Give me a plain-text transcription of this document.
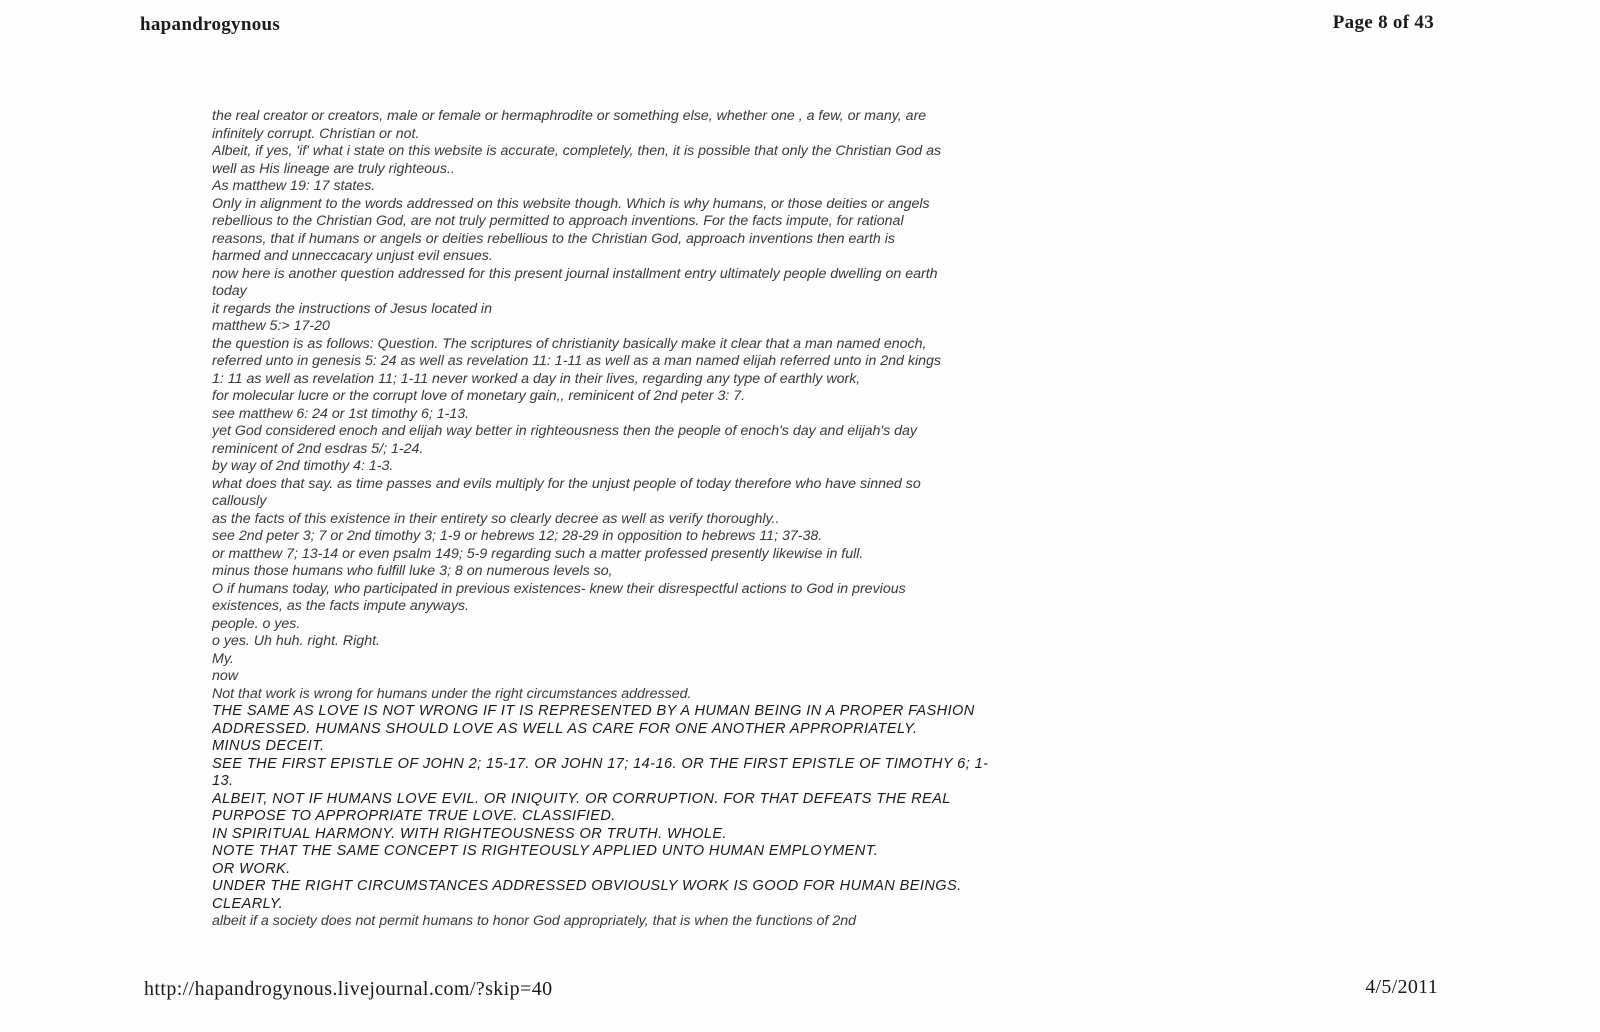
hapandrogynous	Page 8 of 43
the real creator or creators, male or female or hermaphrodite or something else, whether one , a few, or many, are
infinitely corrupt. Christian or not.
Albeit, if yes, 'if' what i state on this website is accurate, completely, then, it is possible that only the Christian God as
well as His lineage are truly righteous..
As matthew 19: 17 states.
Only in alignment to the words addressed on this website though. Which is why humans, or those deities or angels
rebellious to the Christian God, are not truly permitted to approach inventions. For the facts impute, for rational
reasons, that if humans or angels or deities rebellious to the Christian God, approach inventions then earth is
harmed and unneccacary unjust evil ensues.
now here is another question addressed for this present journal installment entry ultimately people dwelling on earth
today
it regards the instructions of Jesus located in
matthew 5:> 17-20
the question is as follows: Question. The scriptures of christianity basically make it clear that a man named enoch,
referred unto in genesis 5: 24 as well as revelation 11: 1-11 as well as a man named elijah referred unto in 2nd kings
1: 11 as well as revelation 11; 1-11 never worked a day in their lives, regarding any type of earthly work,
for molecular lucre or the corrupt love of monetary gain,, reminicent of 2nd peter 3: 7.
see matthew 6: 24 or 1st timothy 6; 1-13.
yet God considered enoch and elijah way better in righteousness then the people of enoch's day and elijah's day
reminicent of 2nd esdras 5/; 1-24.
by way of 2nd timothy 4: 1-3.
what does that say. as time passes and evils multiply for the unjust people of today therefore who have sinned so
callously
as the facts of this existence in their entirety so clearly decree as well as verify thoroughly..
see 2nd peter 3; 7 or 2nd timothy 3; 1-9 or hebrews 12; 28-29 in opposition to hebrews 11; 37-38.
or matthew 7; 13-14 or even psalm 149; 5-9 regarding such a matter professed presently likewise in full.
minus those humans who fulfill luke 3; 8 on numerous levels so,
O if humans today, who participated in previous existences- knew their disrespectful actions to God in previous
existences, as the facts impute anyways.
people. o yes.
o yes. Uh huh. right. Right.
My.
now
Not that work is wrong for humans under the right circumstances addressed.
THE SAME AS LOVE IS NOT WRONG IF IT IS REPRESENTED BY A HUMAN BEING IN A PROPER FASHION
ADDRESSED. HUMANS SHOULD LOVE AS WELL AS CARE FOR ONE ANOTHER APPROPRIATELY.
MINUS DECEIT.
SEE THE FIRST EPISTLE OF JOHN 2; 15-17. OR JOHN 17; 14-16. OR THE FIRST EPISTLE OF TIMOTHY 6; 1-
13.
ALBEIT, NOT IF HUMANS LOVE EVIL. OR INIQUITY. OR CORRUPTION. FOR THAT DEFEATS THE REAL
PURPOSE TO APPROPRIATE TRUE LOVE. CLASSIFIED.
IN SPIRITUAL HARMONY. WITH RIGHTEOUSNESS OR TRUTH. WHOLE.
NOTE THAT THE SAME CONCEPT IS RIGHTEOUSLY APPLIED UNTO HUMAN EMPLOYMENT.
OR WORK.
UNDER THE RIGHT CIRCUMSTANCES ADDRESSED OBVIOUSLY WORK IS GOOD FOR HUMAN BEINGS.
CLEARLY.
albeit if a society does not permit humans to honor God appropriately, that is when the functions of 2nd
http://hapandrogynous.livejournal.com/?skip=40	4/5/2011
